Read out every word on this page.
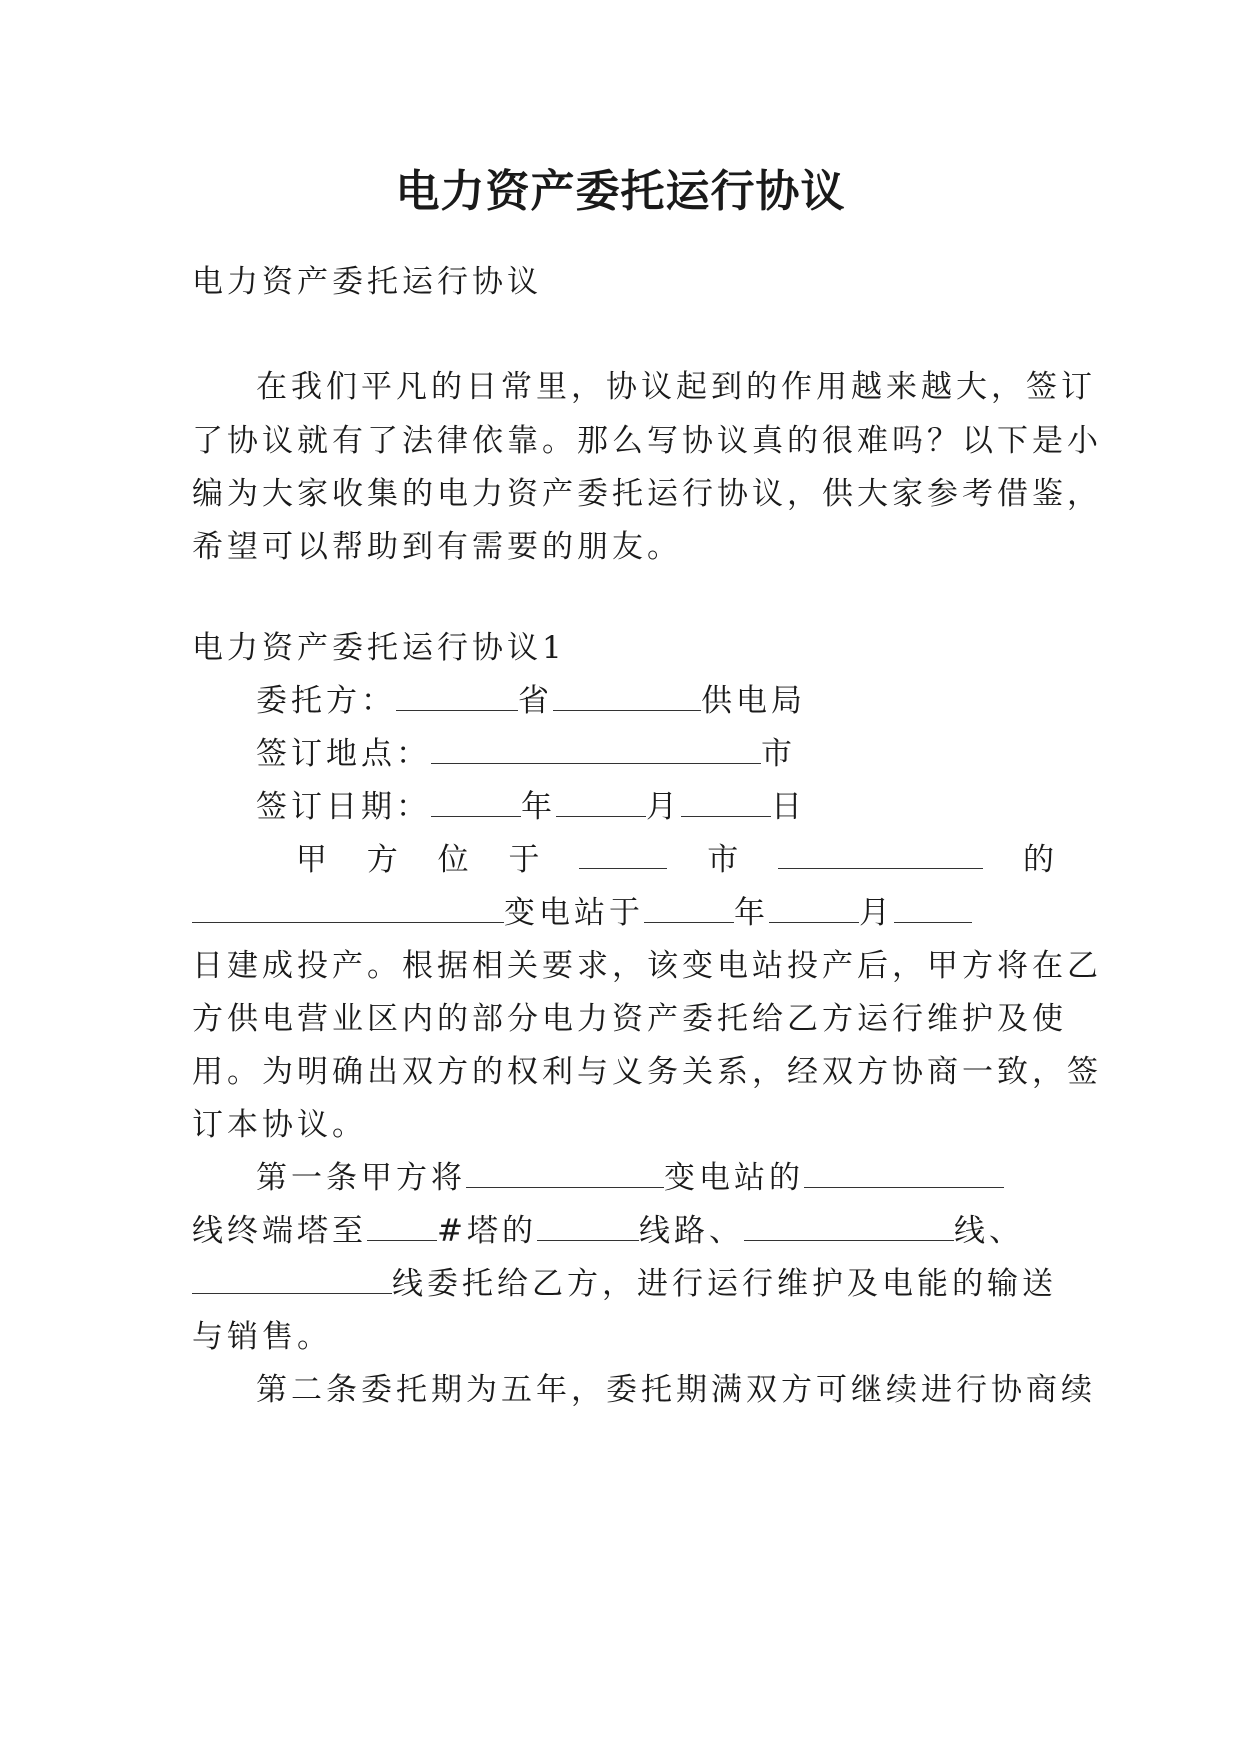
电力资产委托运行协议
电力资产委托运行协议
在我们平凡的日常里，协议起到的作用越来越大，签订
了协议就有了法律依靠。那么写协议真的很难吗？以下是小
编为大家收集的电力资产委托运行协议，供大家参考借鉴，
希望可以帮助到有需要的朋友。
电力资产委托运行协议1
委托方：	省	供电局
签订地点：	市
签订日期：	年	月	日
甲 方 位 于	市	的
变电站于	年	月
日建成投产。根据相关要求，该变电站投产后，甲方将在乙
方供电营业区内的部分电力资产委托给乙方运行维护及使
用。为明确出双方的权利与义务关系，经双方协商一致，签
订本协议。
第一条甲方将	变电站的
线终端塔至 #塔的	线路、	线、
线委托给乙方，进行运行维护及电能的输送
与销售。
第二条委托期为五年，委托期满双方可继续进行协商续
